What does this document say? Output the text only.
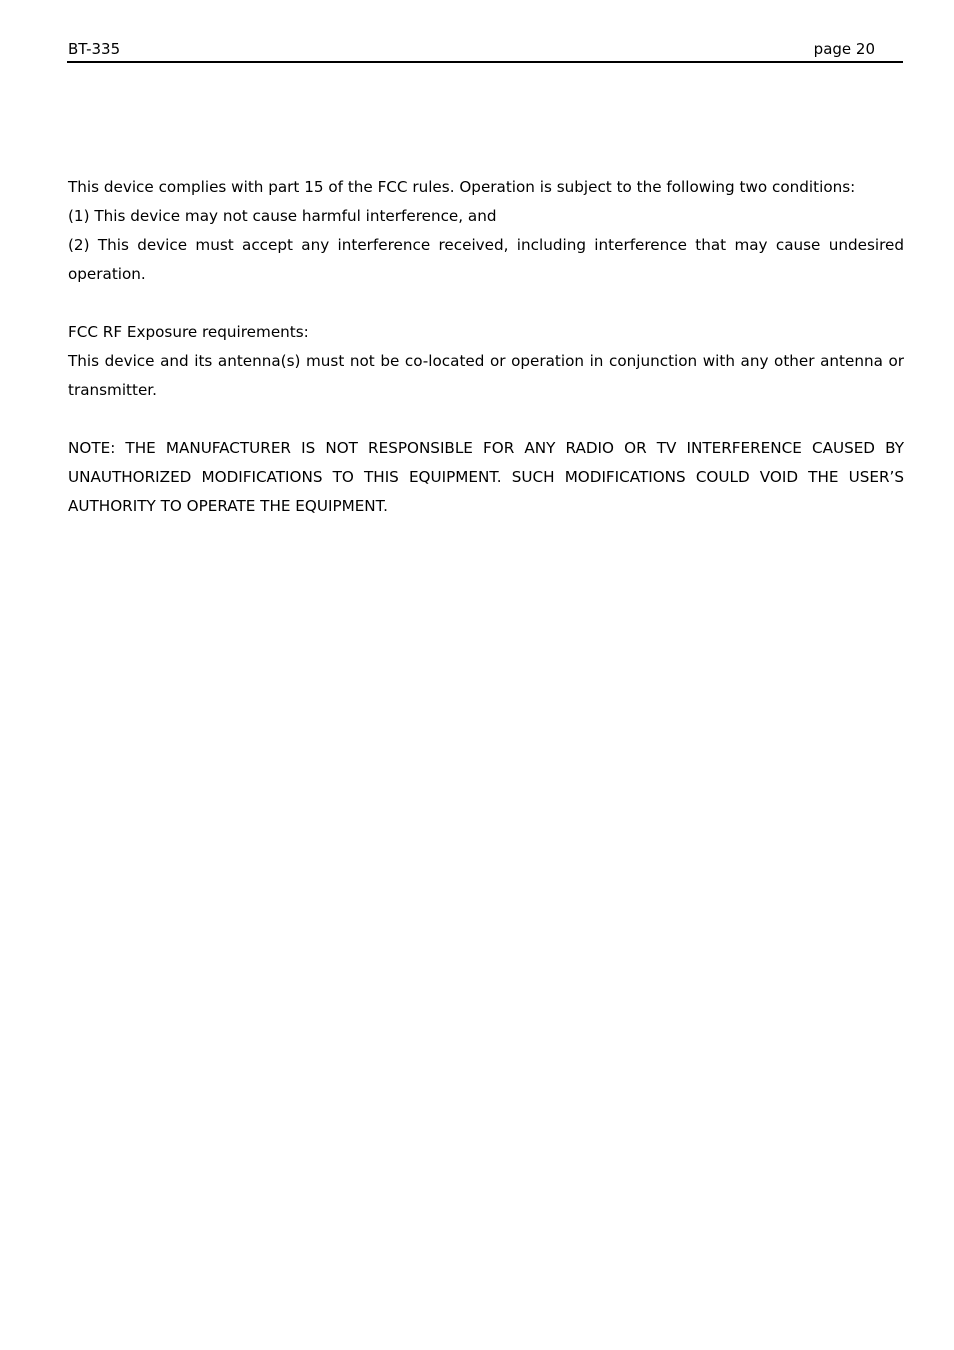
BT-335	page 20

This device complies with part 15 of the FCC rules. Operation is subject to the following two conditions:

(1) This device may not cause harmful interference, and

(2) This device must accept any interference received, including interference that may cause undesired operation.

FCC RF Exposure requirements:

This device and its antenna(s) must not be co-located or operation in conjunction with any other antenna or transmitter.

NOTE: THE MANUFACTURER IS NOT RESPONSIBLE FOR ANY RADIO OR TV INTERFERENCE CAUSED BY UNAUTHORIZED MODIFICATIONS TO THIS EQUIPMENT. SUCH MODIFICATIONS COULD VOID THE USER’S AUTHORITY TO OPERATE THE EQUIPMENT.
